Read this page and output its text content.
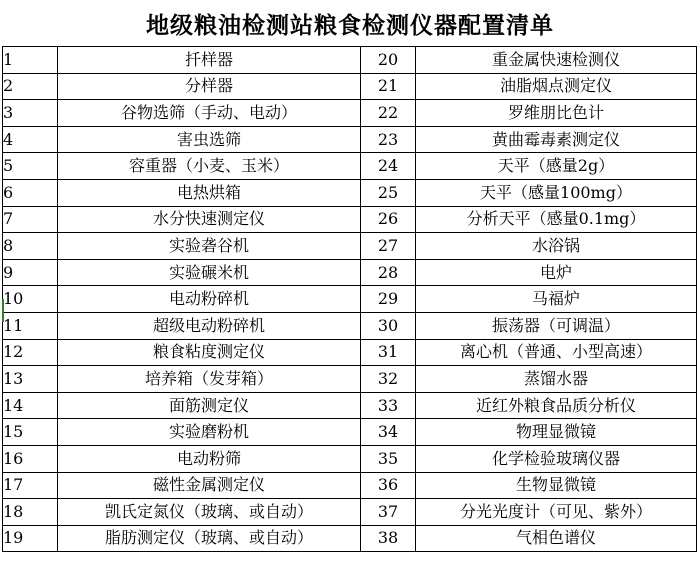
地级粮油检测站粮食检测仪器配置清单
1	扦样器	20	重金属快速检测仪
2	分样器	21	油脂烟点测定仪
3	谷物选筛（手动、电动）	22	罗维朋比色计
4	害虫选筛	23	黄曲霉毒素测定仪
5	容重器（小麦、玉米）	24	天平（感量2g）
6	电热烘箱	25	天平（感量100mg）
7	水分快速测定仪	26	分析天平（感量0.1mg）
8	实验砻谷机	27	水浴锅
9	实验碾米机	28	电炉
10	电动粉碎机	29	马福炉
11	超级电动粉碎机	30	振荡器（可调温）
12	粮食粘度测定仪	31	离心机（普通、小型高速）
13	培养箱（发芽箱）	32	蒸馏水器
14	面筋测定仪	33	近红外粮食品质分析仪
15	实验磨粉机	34	物理显微镜
16	电动粉筛	35	化学检验玻璃仪器
17	磁性金属测定仪	36	生物显微镜
18	凯氏定氮仪（玻璃、或自动）	37	分光光度计（可见、紫外）
19	脂肪测定仪（玻璃、或自动）	38	气相色谱仪
